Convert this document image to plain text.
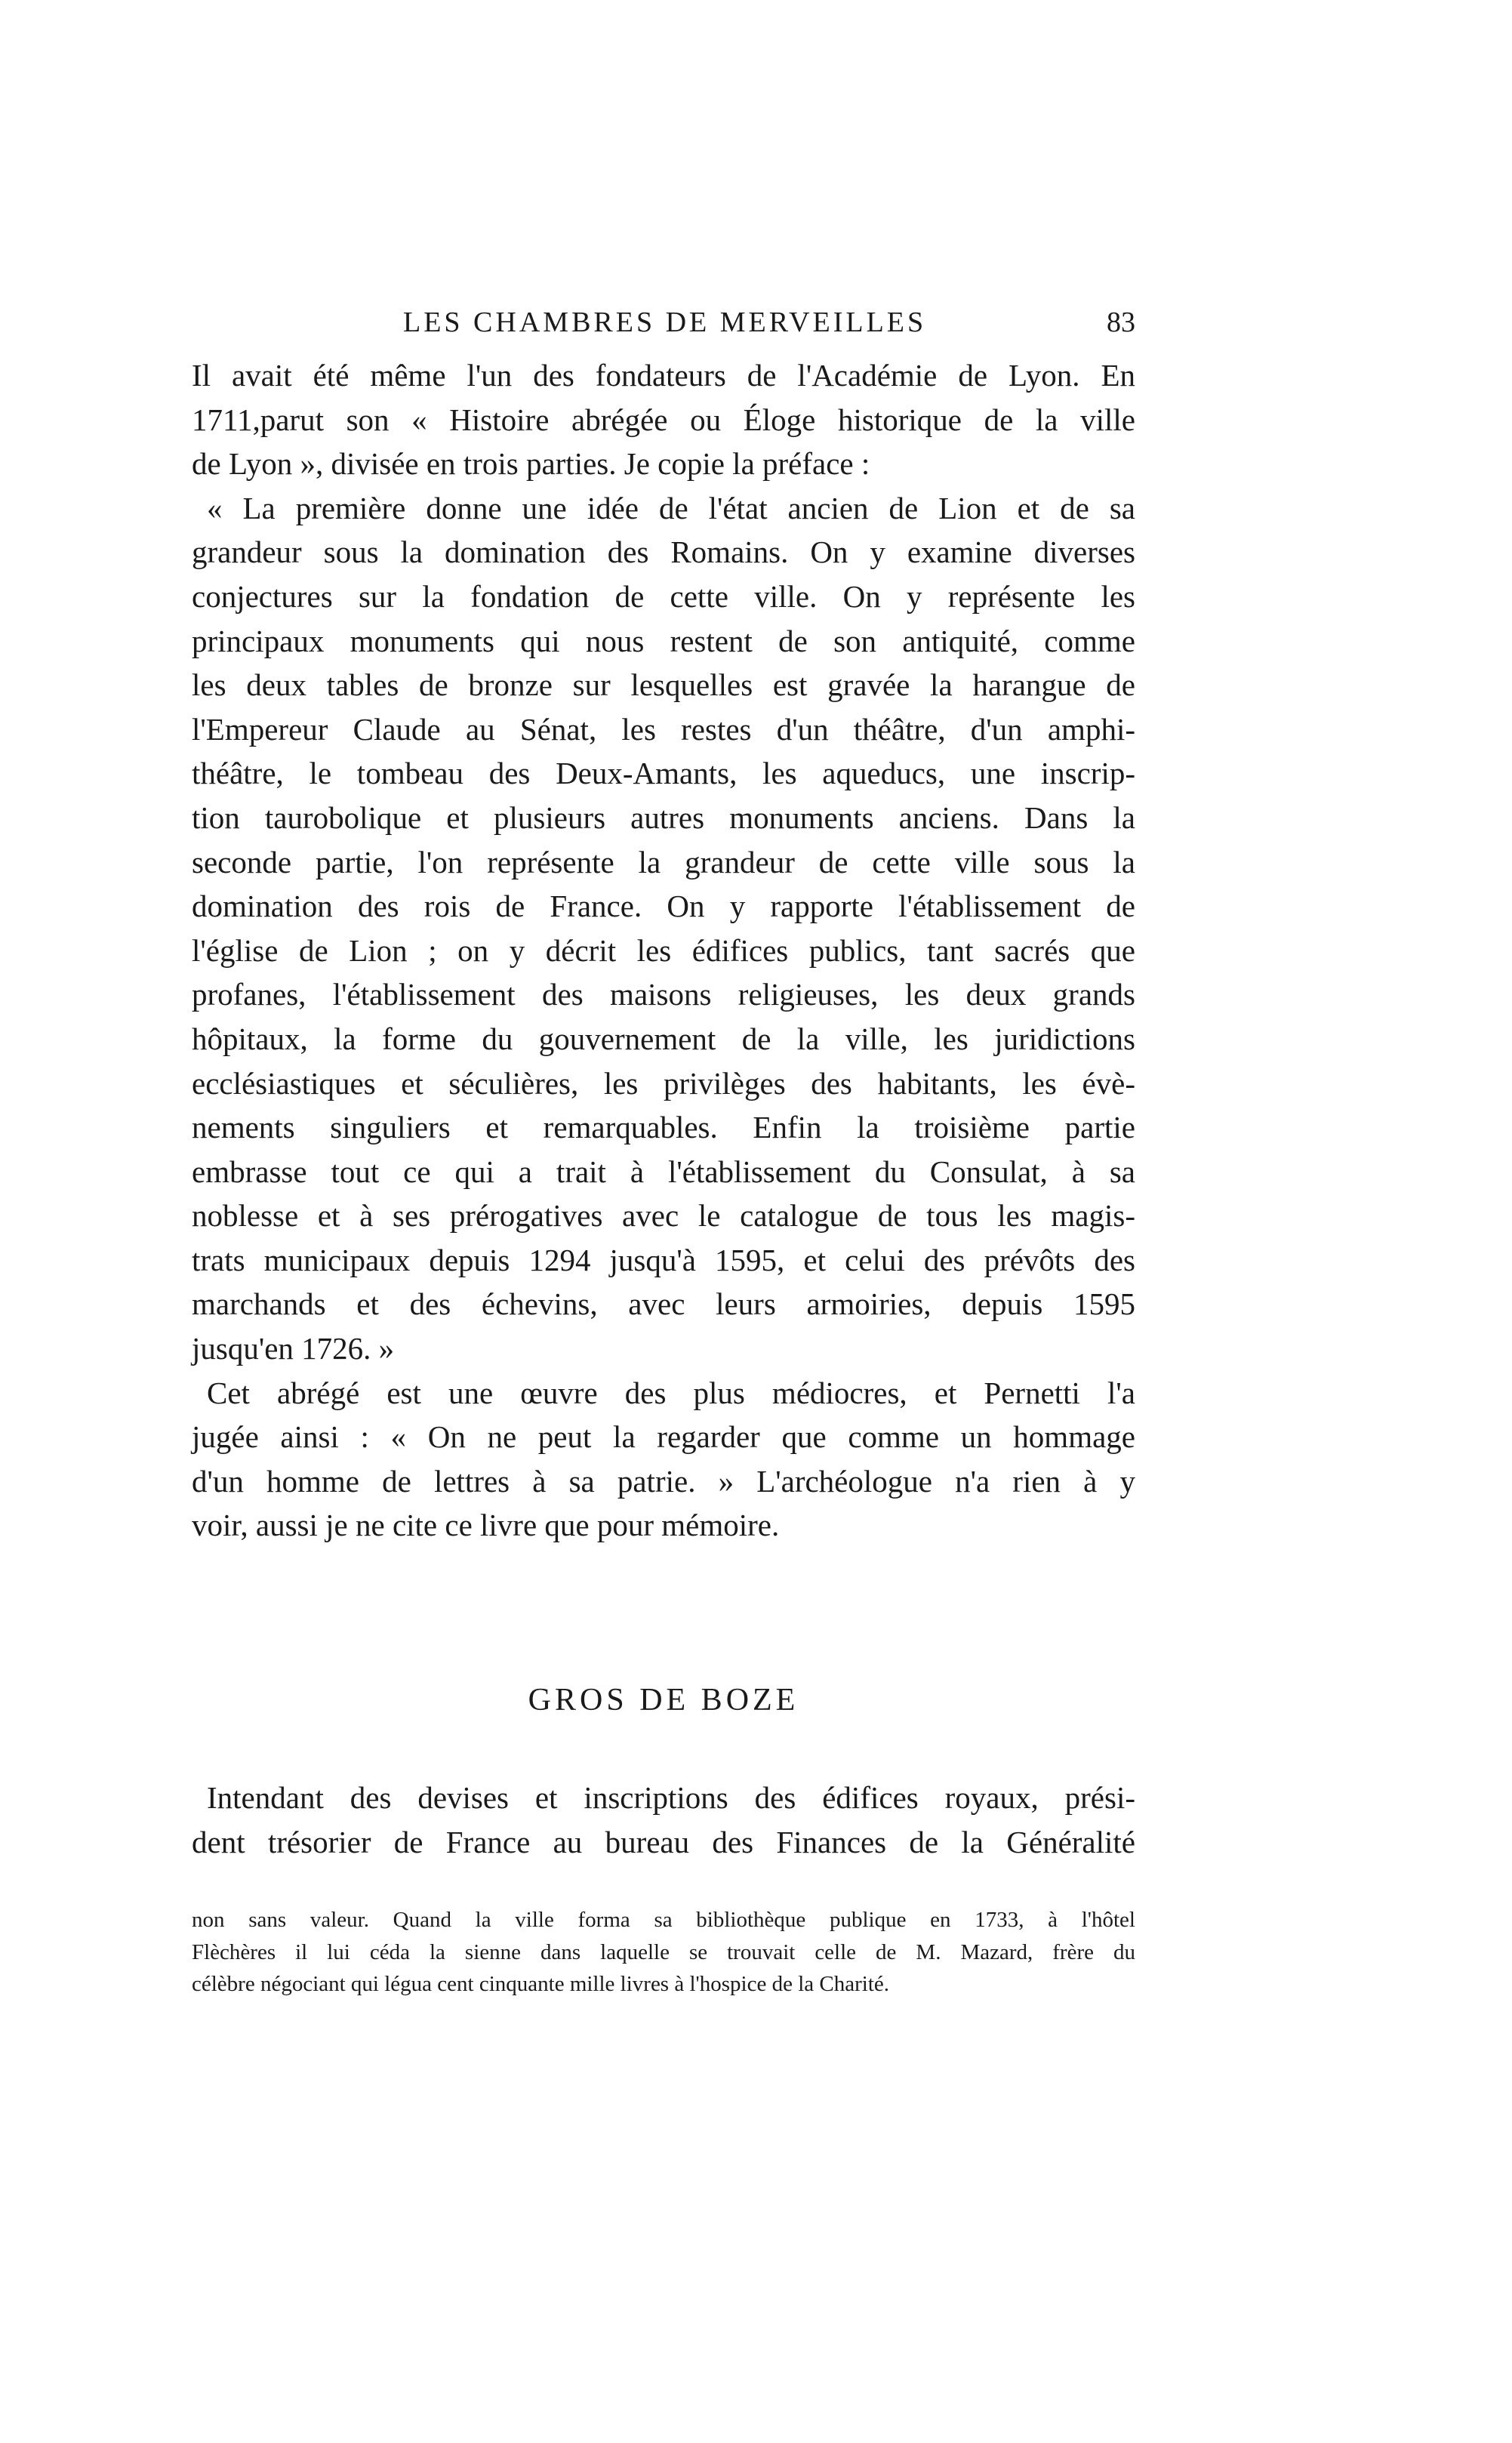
LES CHAMBRES DE MERVEILLES	83
Il avait été même l'un des fondateurs de l'Académie de Lyon. En
1711,parut son « Histoire abrégée ou Éloge historique de la ville
de Lyon », divisée en trois parties. Je copie la préface :
« La première donne une idée de l'état ancien de Lion et de sa
grandeur sous la domination des Romains. On y examine diverses
conjectures sur la fondation de cette ville. On y représente les
principaux monuments qui nous restent de son antiquité, comme
les deux tables de bronze sur lesquelles est gravée la harangue de
l'Empereur Claude au Sénat, les restes d'un théâtre, d'un amphi-
théâtre, le tombeau des Deux-Amants, les aqueducs, une inscrip-
tion taurobolique et plusieurs autres monuments anciens. Dans la
seconde partie, l'on représente la grandeur de cette ville sous la
domination des rois de France. On y rapporte l'établissement de
l'église de Lion ; on y décrit les édifices publics, tant sacrés que
profanes, l'établissement des maisons religieuses, les deux grands
hôpitaux, la forme du gouvernement de la ville, les juridictions
ecclésiastiques et séculières, les privilèges des habitants, les évè-
nements singuliers et remarquables. Enfin la troisième partie
embrasse tout ce qui a trait à l'établissement du Consulat, à sa
noblesse et à ses prérogatives avec le catalogue de tous les magis-
trats municipaux depuis 1294 jusqu'à 1595, et celui des prévôts des
marchands et des échevins, avec leurs armoiries, depuis 1595
jusqu'en 1726. »
Cet abrégé est une œuvre des plus médiocres, et Pernetti l'a
jugée ainsi : « On ne peut la regarder que comme un hommage
d'un homme de lettres à sa patrie. » L'archéologue n'a rien à y
voir, aussi je ne cite ce livre que pour mémoire.
GROS DE BOZE
Intendant des devises et inscriptions des édifices royaux, prési-
dent trésorier de France au bureau des Finances de la Généralité
non sans valeur. Quand la ville forma sa bibliothèque publique en 1733, à l'hôtel
Flèchères il lui céda la sienne dans laquelle se trouvait celle de M. Mazard, frère du
célèbre négociant qui légua cent cinquante mille livres à l'hospice de la Charité.
